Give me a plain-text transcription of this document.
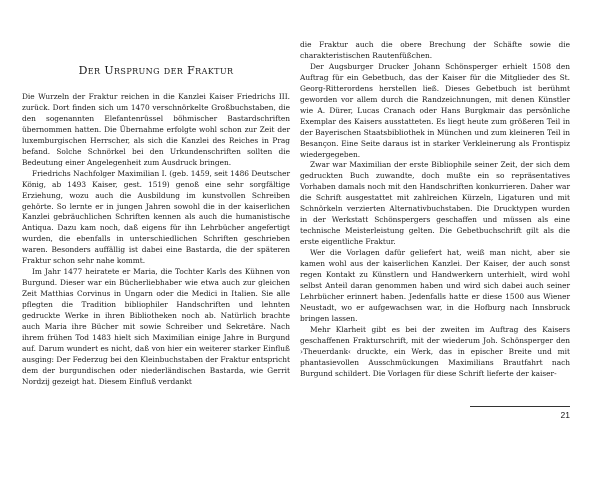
Der Ursprung der Fraktur

Die Wurzeln der Fraktur reichen in die Kanzlei Kaiser Friedrichs III. zurück. Dort finden sich um 1470 verschnörkelte Großbuchstaben, die den sogenannten Elefantenrüssel böhmischer Bastardschriften übernommen hatten. Die Übernahme erfolgte wohl schon zur Zeit der luxemburgischen Herrscher, als sich die Kanzlei des Reiches in Prag befand. Solche Schnörkel bei den Urkundenschriften sollten die Bedeutung einer Angelegenheit zum Ausdruck bringen.

Friedrichs Nachfolger Maximilian I. (geb. 1459, seit 1486 Deutscher König, ab 1493 Kaiser, gest. 1519) genoß eine sehr sorgfältige Erziehung, wozu auch die Ausbildung im kunstvollen Schreiben gehörte. So lernte er in jungen Jahren sowohl die in der kaiserlichen Kanzlei gebräuchlichen Schriften kennen als auch die humanistische Antiqua. Dazu kam noch, daß eigens für ihn Lehrbücher angefertigt wurden, die ebenfalls in unterschiedlichen Schriften geschrieben waren. Besonders auffällig ist dabei eine Bastarda, die der späteren Fraktur schon sehr nahe kommt.

Im Jahr 1477 heiratete er Maria, die Tochter Karls des Kühnen von Burgund. Dieser war ein Bücherliebhaber wie etwa auch zur gleichen Zeit Matthias Corvinus in Ungarn oder die Medici in Italien. Sie alle pflegten die Tradition bibliophiler Handschriften und lehnten gedruckte Werke in ihren Bibliotheken noch ab. Natürlich brachte auch Maria ihre Bücher mit sowie Schreiber und Sekretäre. Nach ihrem frühen Tod 1483 hielt sich Maximilian einige Jahre in Burgund auf. Darum wundert es nicht, daß von hier ein weiterer starker Einfluß ausging: Der Federzug bei den Kleinbuchstaben der Fraktur entspricht dem der burgundischen oder niederländischen Bastarda, wie Gerrit Nordzij gezeigt hat. Diesem Einfluß verdankt

die Fraktur auch die obere Brechung der Schäfte sowie die charakteristischen Rautenfüßchen.

Der Augsburger Drucker Johann Schönsperger erhielt 1508 den Auftrag für ein Gebetbuch, das der Kaiser für die Mitglieder des St. Georg-Ritterordens herstellen ließ. Dieses Gebetbuch ist berühmt geworden vor allem durch die Randzeichnungen, mit denen Künstler wie A. Dürer, Lucas Cranach oder Hans Burgkmair das persönliche Exemplar des Kaisers ausstatteten. Es liegt heute zum größeren Teil in der Bayerischen Staatsbibliothek in München und zum kleineren Teil in Besançon. Eine Seite daraus ist in starker Verkleinerung als Frontispiz wiedergegeben.

Zwar war Maximilian der erste Bibliophile seiner Zeit, der sich dem gedruckten Buch zuwandte, doch mußte ein so repräsentatives Vorhaben damals noch mit den Handschriften konkurrieren. Daher war die Schrift ausgestattet mit zahlreichen Kürzeln, Ligaturen und mit Schnörkeln verzierten Alternativbuchstaben. Die Drucktypen wurden in der Werkstatt Schönspergers geschaffen und müssen als eine technische Meisterleistung gelten. Die Gebetbuchschrift gilt als die erste eigentliche Fraktur.

Wer die Vorlagen dafür geliefert hat, weiß man nicht, aber sie kamen wohl aus der kaiserlichen Kanzlei. Der Kaiser, der auch sonst regen Kontakt zu Künstlern und Handwerkern unterhielt, wird wohl selbst Anteil daran genommen haben und wird sich dabei auch seiner Lehrbücher erinnert haben. Jedenfalls hatte er diese 1500 aus Wiener Neustadt, wo er aufgewachsen war, in die Hofburg nach Innsbruck bringen lassen.

Mehr Klarheit gibt es bei der zweiten im Auftrag des Kaisers geschaffenen Frakturschrift, mit der wiederum Joh. Schönsperger den ›Theuerdank‹ druckte, ein Werk, das in epischer Breite und mit phantasievollen Ausschmückungen Maximilians Brautfahrt nach Burgund schildert. Die Vorlagen für diese Schrift lieferte der kaiser-

21
